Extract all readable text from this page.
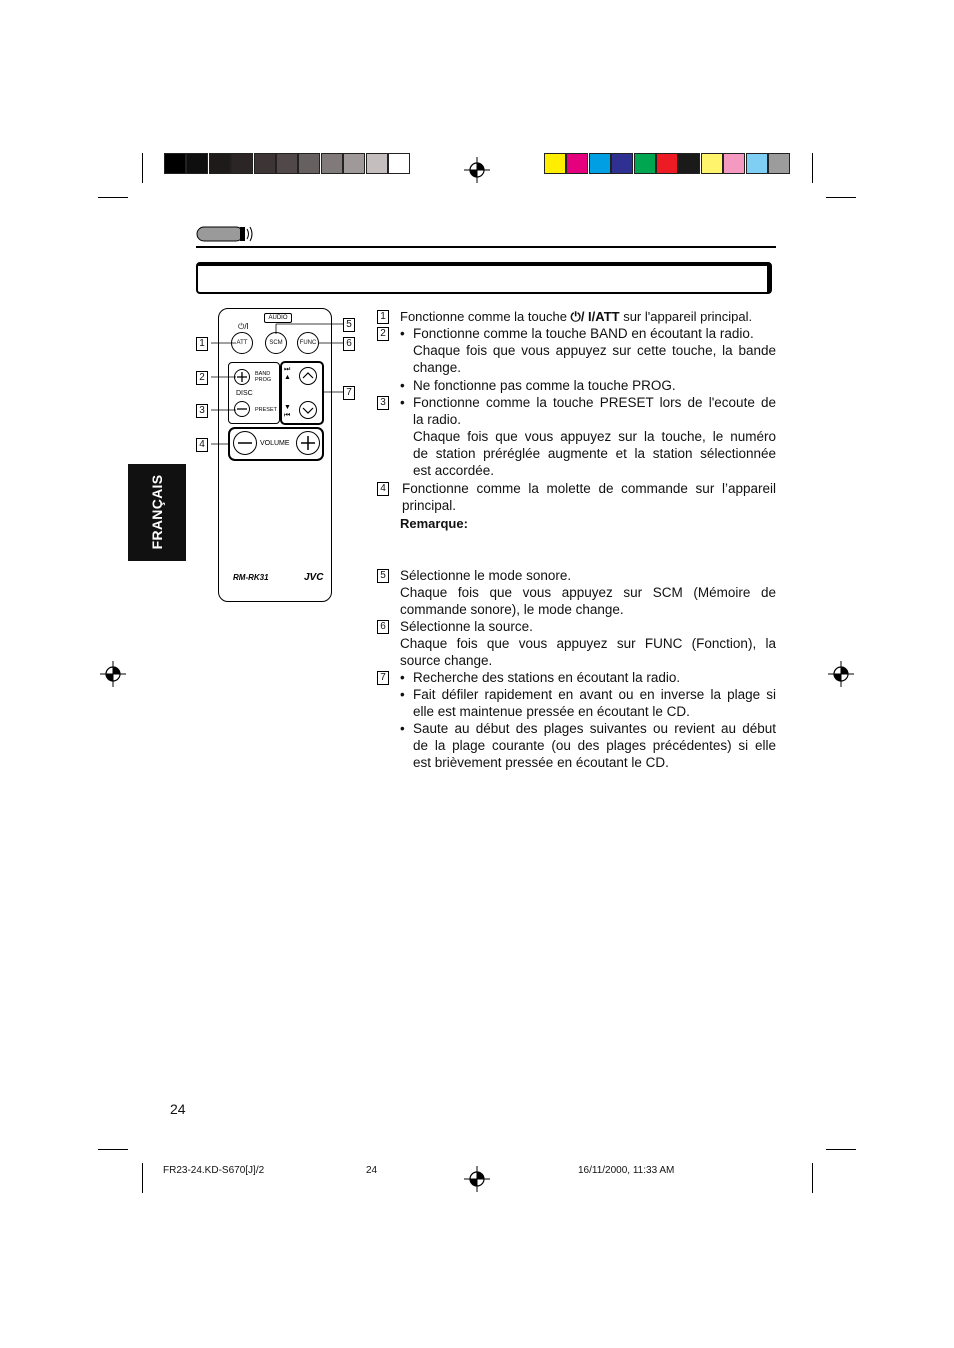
FRANÇAIS
AUDIO
⏻/I
ATT	SCM	FUNC
BAND
PROG
DISC
PRESET
⏭▲
▼⏮
VOLUME
RM-RK31	JVC
1
2
3
4
5
6
7
1 Fonctionne comme la touche ⏻/ I/ATT sur l'appareil principal.
2 • Fonctionne comme la touche BAND en écoutant la radio.
Chaque fois que vous appuyez sur cette touche, la bande
change.
• Ne fonctionne pas comme la touche PROG.
3 • Fonctionne comme la touche PRESET lors de l'ecoute de
la radio.
Chaque fois que vous appuyez sur la touche, le numéro
de station préréglée augmente et la station sélectionnée
est accordée.
4 Fonctionne comme la molette de commande sur l’appareil
principal.
Remarque:
5 Sélectionne le mode sonore.
Chaque fois que vous appuyez sur SCM (Mémoire de
commande sonore), le mode change.
6 Sélectionne la source.
Chaque fois que vous appuyez sur FUNC (Fonction), la
source change.
7 • Recherche des stations en écoutant la radio.
• Fait défiler rapidement en avant ou en inverse la plage si
elle est maintenue pressée en écoutant le CD.
• Saute au début des plages suivantes ou revient au début
de la plage courante (ou des plages précédentes) si elle
est brièvement pressée en écoutant le CD.
24
FR23-24.KD-S670[J]/2	24	16/11/2000, 11:33 AM
